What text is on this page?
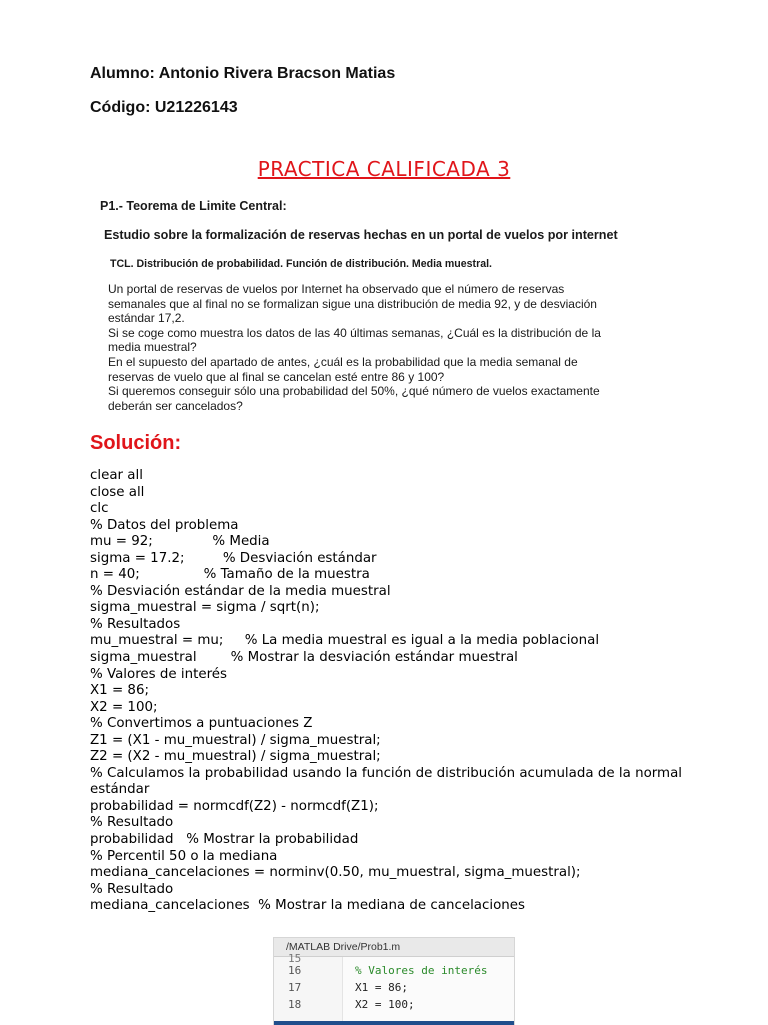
Alumno: Antonio Rivera Bracson Matias
Código: U21226143
PRACTICA CALIFICADA 3
P1.- Teorema de Limite Central:
Estudio sobre la formalización de reservas hechas en un portal de vuelos por internet
TCL. Distribución de probabilidad. Función de distribución. Media muestral.
Un portal de reservas de vuelos por Internet ha observado que el número de reservas
semanales que al final no se formalizan sigue una distribución de media 92, y de desviación
estándar 17,2.
Si se coge como muestra los datos de las 40 últimas semanas, ¿Cuál es la distribución de la
media muestral?
En el supuesto del apartado de antes, ¿cuál es la probabilidad que la media semanal de
reservas de vuelo que al final se cancelan esté entre 86 y 100?
Si queremos conseguir sólo una probabilidad del 50%, ¿qué número de vuelos exactamente
deberán ser cancelados?
Solución:
clear all
close all
clc
% Datos del problema
mu = 92;              % Media
sigma = 17.2;         % Desviación estándar
n = 40;               % Tamaño de la muestra
% Desviación estándar de la media muestral
sigma_muestral = sigma / sqrt(n);
% Resultados
mu_muestral = mu;     % La media muestral es igual a la media poblacional
sigma_muestral        % Mostrar la desviación estándar muestral
% Valores de interés
X1 = 86;
X2 = 100;
% Convertimos a puntuaciones Z
Z1 = (X1 - mu_muestral) / sigma_muestral;
Z2 = (X2 - mu_muestral) / sigma_muestral;
% Calculamos la probabilidad usando la función de distribución acumulada de la normal estándar
probabilidad = normcdf(Z2) - normcdf(Z1);
% Resultado
probabilidad   % Mostrar la probabilidad
% Percentil 50 o la mediana
mediana_cancelaciones = norminv(0.50, mu_muestral, sigma_muestral);
% Resultado
mediana_cancelaciones  % Mostrar la mediana de cancelaciones
/MATLAB Drive/Prob1.m
15
16	% Valores de interés
17	X1 = 86;
18	X2 = 100;
